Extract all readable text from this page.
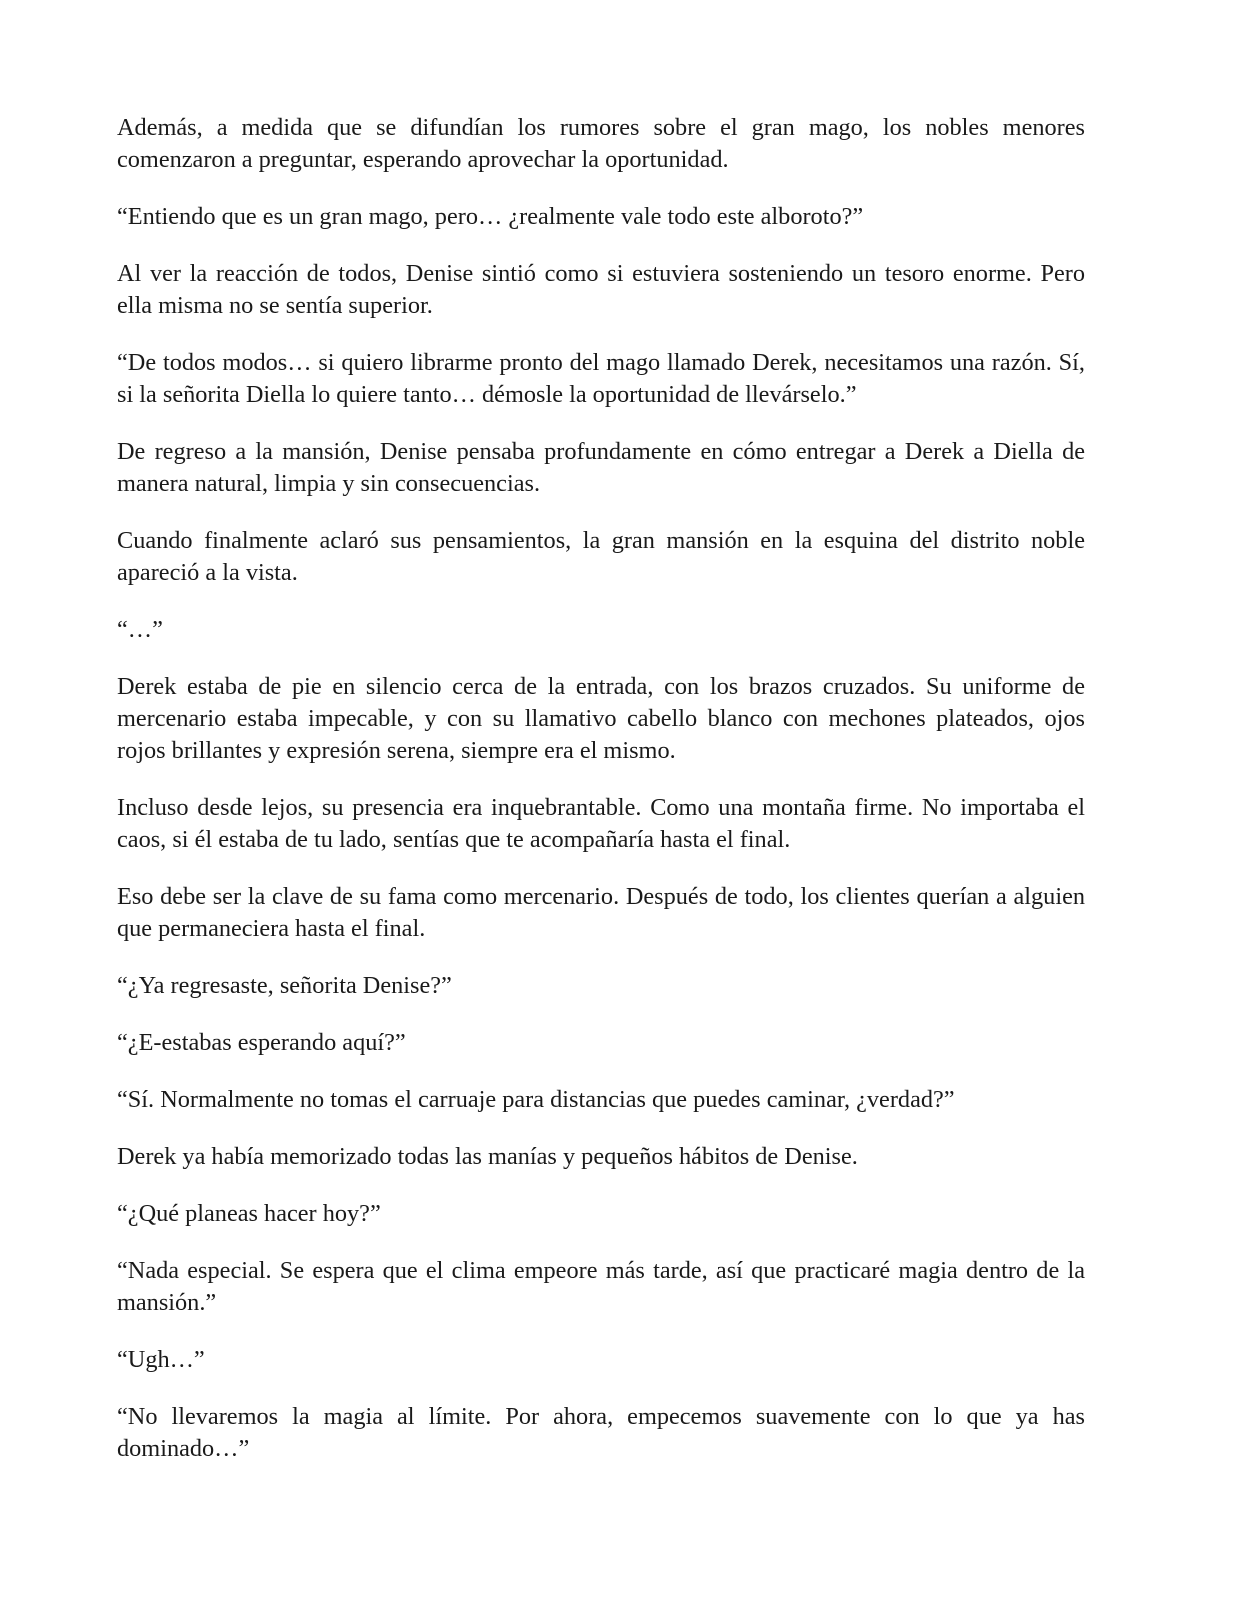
Además, a medida que se difundían los rumores sobre el gran mago, los nobles menores comenzaron a preguntar, esperando aprovechar la oportunidad.

“Entiendo que es un gran mago, pero… ¿realmente vale todo este alboroto?”

Al ver la reacción de todos, Denise sintió como si estuviera sosteniendo un tesoro enorme. Pero ella misma no se sentía superior.

“De todos modos… si quiero librarme pronto del mago llamado Derek, necesitamos una razón. Sí, si la señorita Diella lo quiere tanto… démosle la oportunidad de llevárselo.”

De regreso a la mansión, Denise pensaba profundamente en cómo entregar a Derek a Diella de manera natural, limpia y sin consecuencias.

Cuando finalmente aclaró sus pensamientos, la gran mansión en la esquina del distrito noble apareció a la vista.

“…”

Derek estaba de pie en silencio cerca de la entrada, con los brazos cruzados. Su uniforme de mercenario estaba impecable, y con su llamativo cabello blanco con mechones plateados, ojos rojos brillantes y expresión serena, siempre era el mismo.

Incluso desde lejos, su presencia era inquebrantable. Como una montaña firme. No importaba el caos, si él estaba de tu lado, sentías que te acompañaría hasta el final.

Eso debe ser la clave de su fama como mercenario. Después de todo, los clientes querían a alguien que permaneciera hasta el final.

“¿Ya regresaste, señorita Denise?”

“¿E-estabas esperando aquí?”

“Sí. Normalmente no tomas el carruaje para distancias que puedes caminar, ¿verdad?”

Derek ya había memorizado todas las manías y pequeños hábitos de Denise.

“¿Qué planeas hacer hoy?”

“Nada especial. Se espera que el clima empeore más tarde, así que practicaré magia dentro de la mansión.”

“Ugh…”

“No llevaremos la magia al límite. Por ahora, empecemos suavemente con lo que ya has dominado…”
